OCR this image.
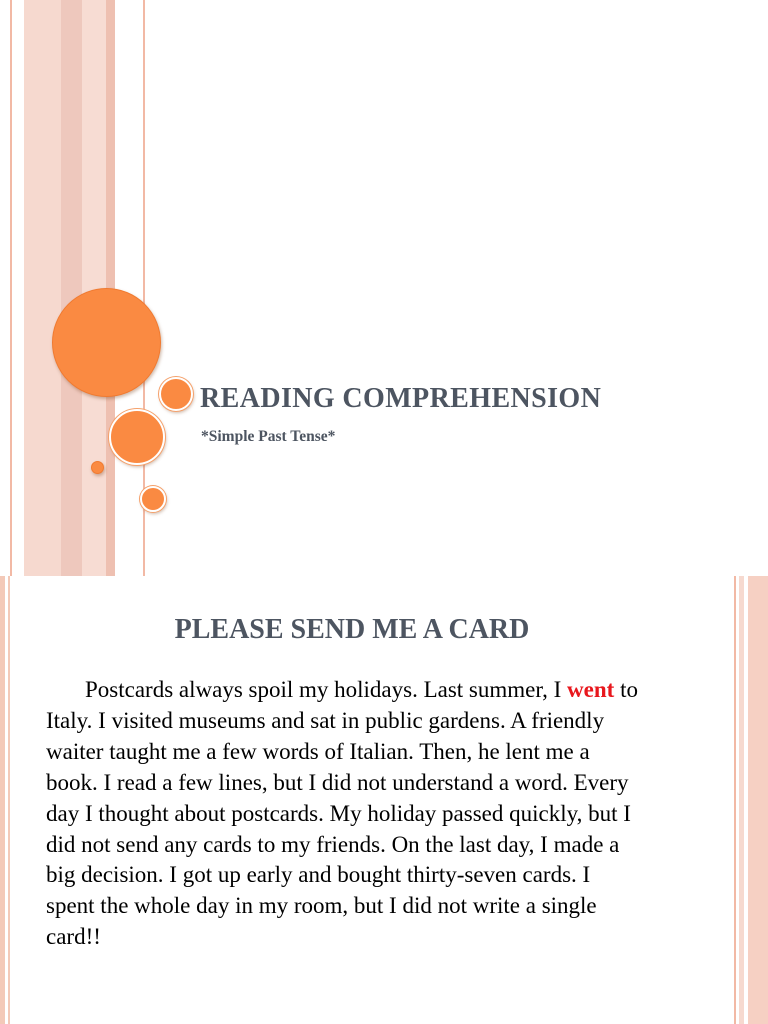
READING COMPREHENSION
*Simple Past Tense*
PLEASE SEND ME A CARD
Postcards always spoil my holidays. Last summer, I went to
Italy. I visited museums and sat in public gardens. A friendly
waiter taught me a few words of Italian. Then, he lent me a
book. I read a few lines, but I did not understand a word. Every
day I thought about postcards. My holiday passed quickly, but I
did not send any cards to my friends. On the last day, I made a
big decision. I got up early and bought thirty-seven cards. I
spent the whole day in my room, but I did not write a single
card!!
